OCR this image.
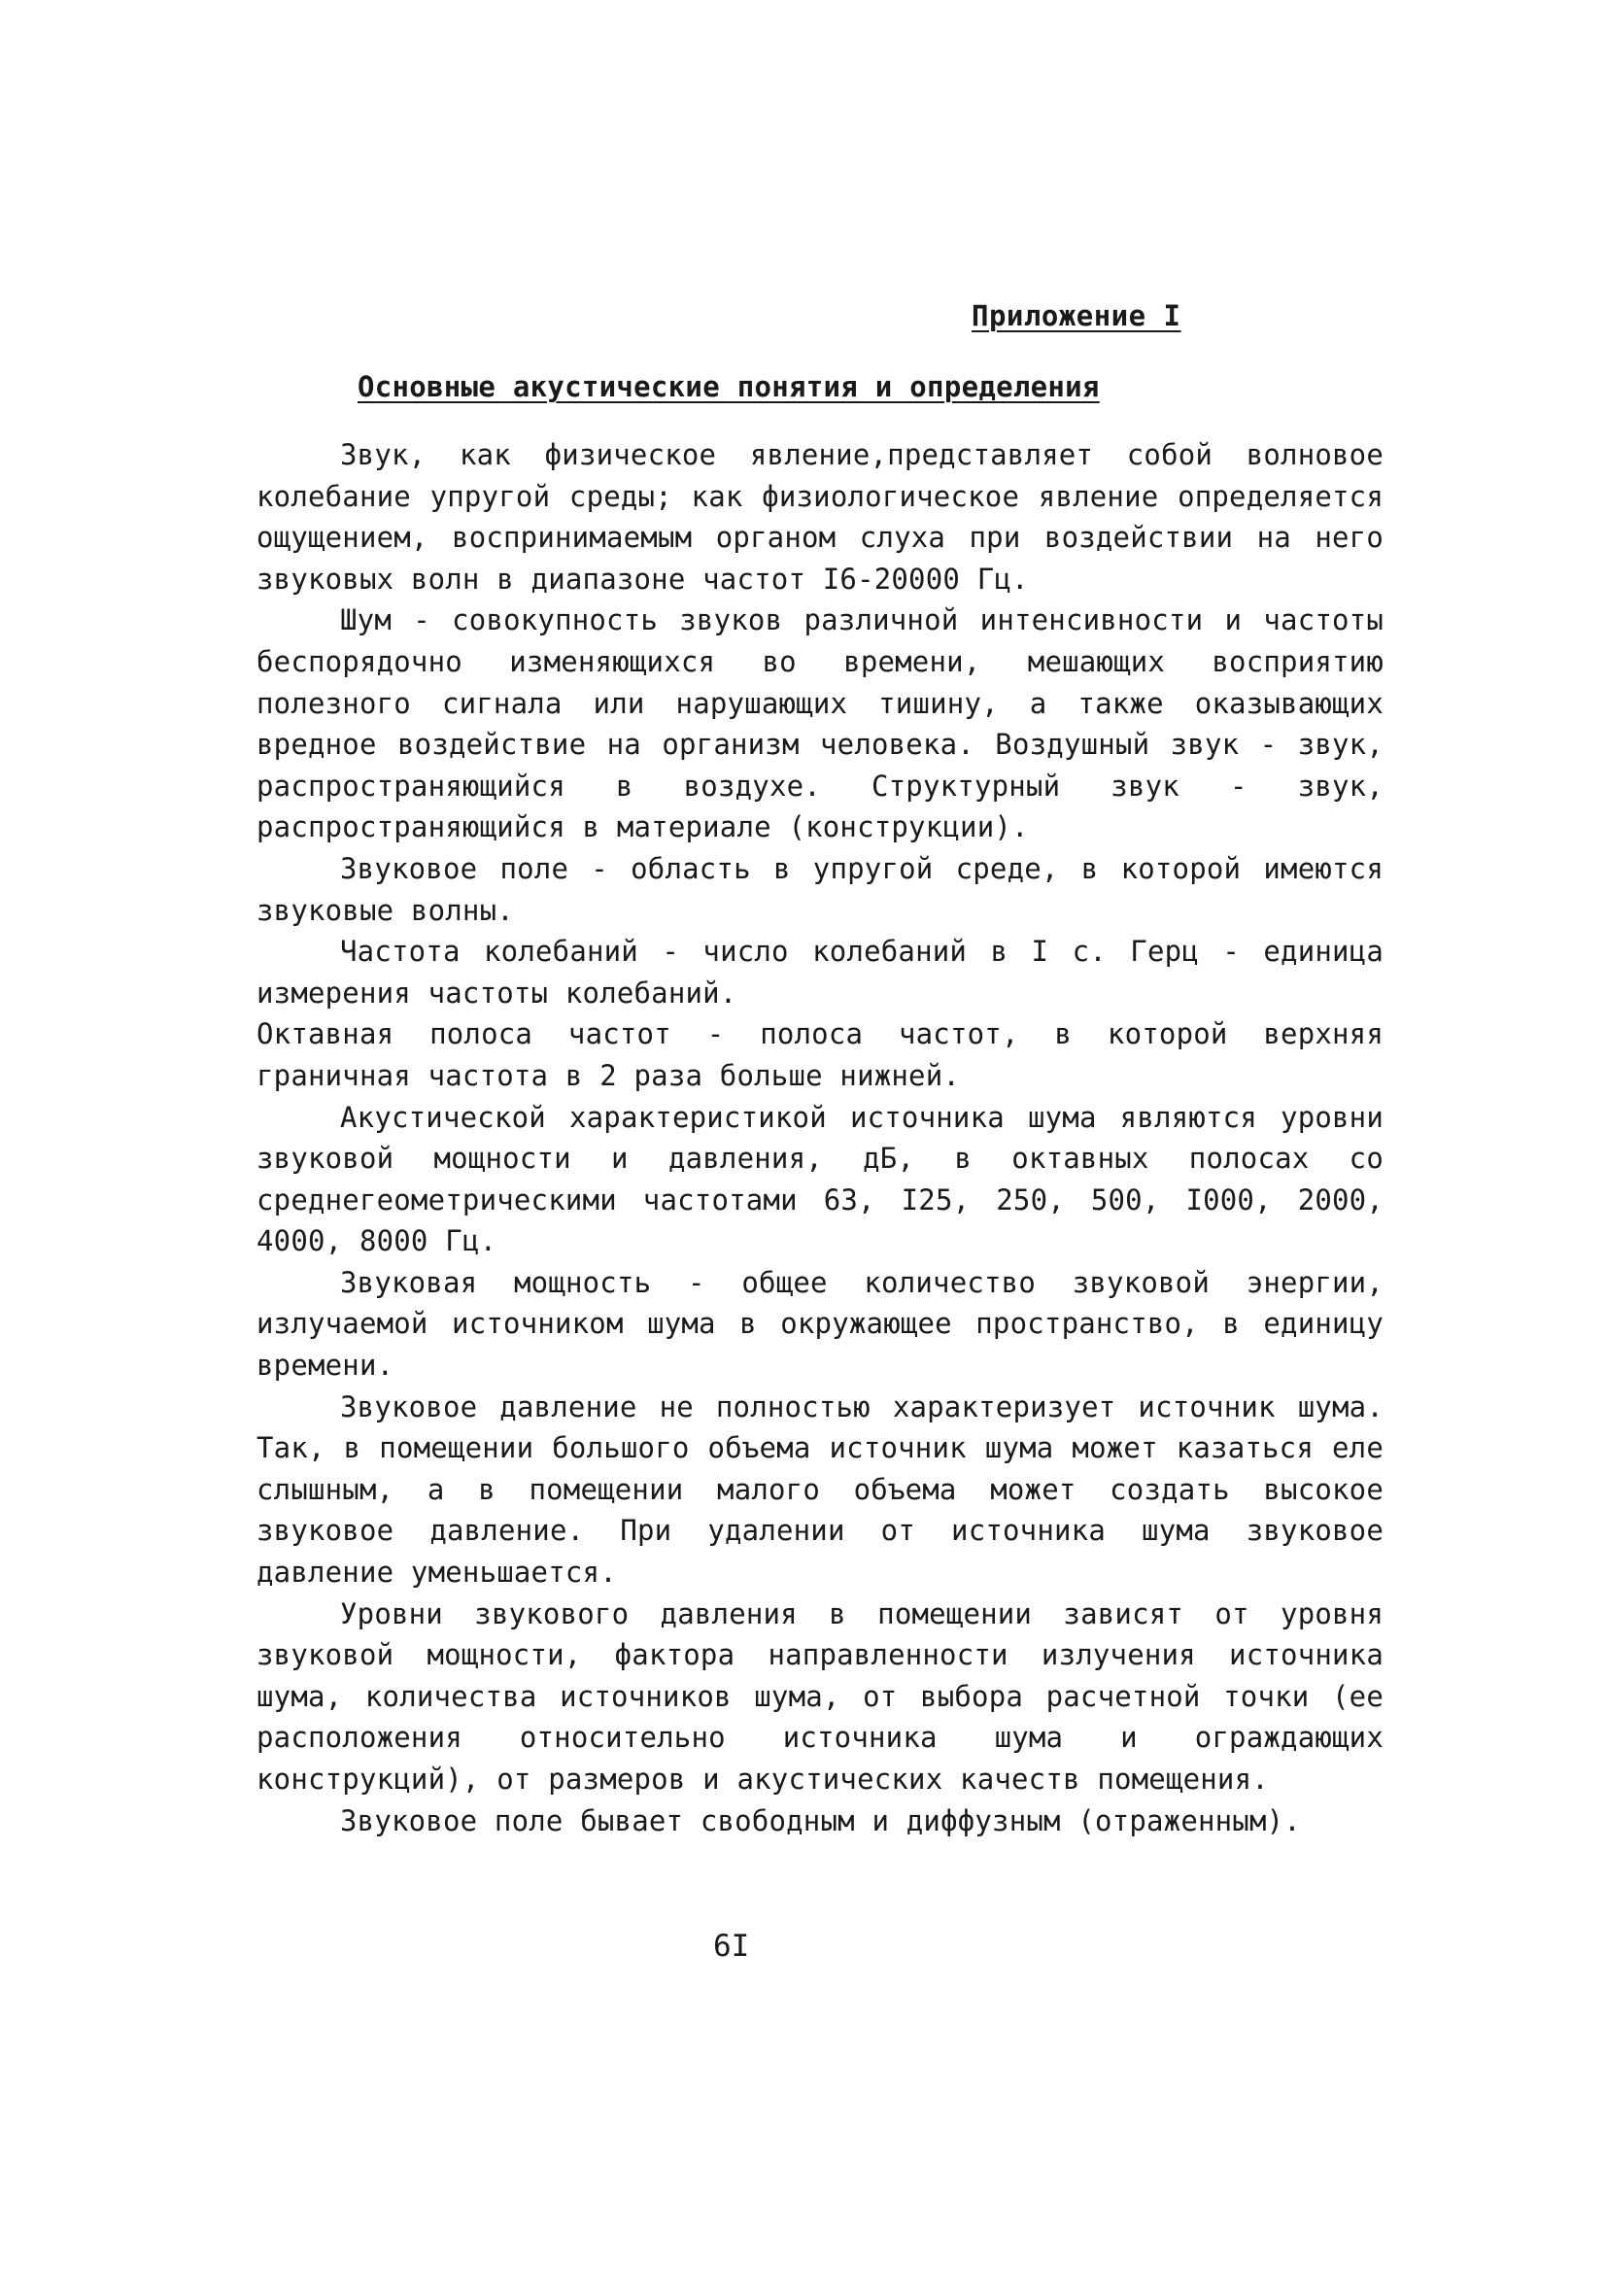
Приложение I
Основные акустические понятия и определения

Звук, как физическое явление,представляет собой волновое колебание упругой среды; как физиологическое явление определяется ощущением, воспринимаемым органом слуха при воздействии на него звуковых волн в диапазоне частот I6-20000 Гц.

Шум - совокупность звуков различной интенсивности и частоты беспорядочно изменяющихся во времени, мешающих восприятию полезного сигнала или нарушающих тишину, а также оказывающих вредное воздействие на организм человека. Воздушный звук - звук, распространяющийся в воздухе. Структурный звук - звук, распространяющийся в материале (конструкции).

Звуковое поле - область в упругой среде, в которой имеются звуковые волны.

Частота колебаний - число колебаний в I с. Герц - единица измерения частоты колебаний.

Октавная полоса частот - полоса частот, в которой верхняя граничная частота в 2 раза больше нижней.

Акустической характеристикой источника шума являются уровни звуковой мощности и давления, дБ, в октавных полосах со среднегеометрическими частотами 63, I25, 250, 500, I000, 2000, 4000, 8000 Гц.

Звуковая мощность - общее количество звуковой энергии, излучаемой источником шума в окружающее пространство, в единицу времени.

Звуковое давление не полностью характеризует источник шума. Так, в помещении большого объема источник шума может казаться еле слышным, а в помещении малого объема может создать высокое звуковое давление. При удалении от источника шума звуковое давление уменьшается.

Уровни звукового давления в помещении зависят от уровня звуковой мощности, фактора направленности излучения источника шума, количества источников шума, от выбора расчетной точки (ее расположения относительно источника шума и ограждающих конструкций), от размеров и акустических качеств помещения.

Звуковое поле бывает свободным и диффузным (отраженным).

6I
